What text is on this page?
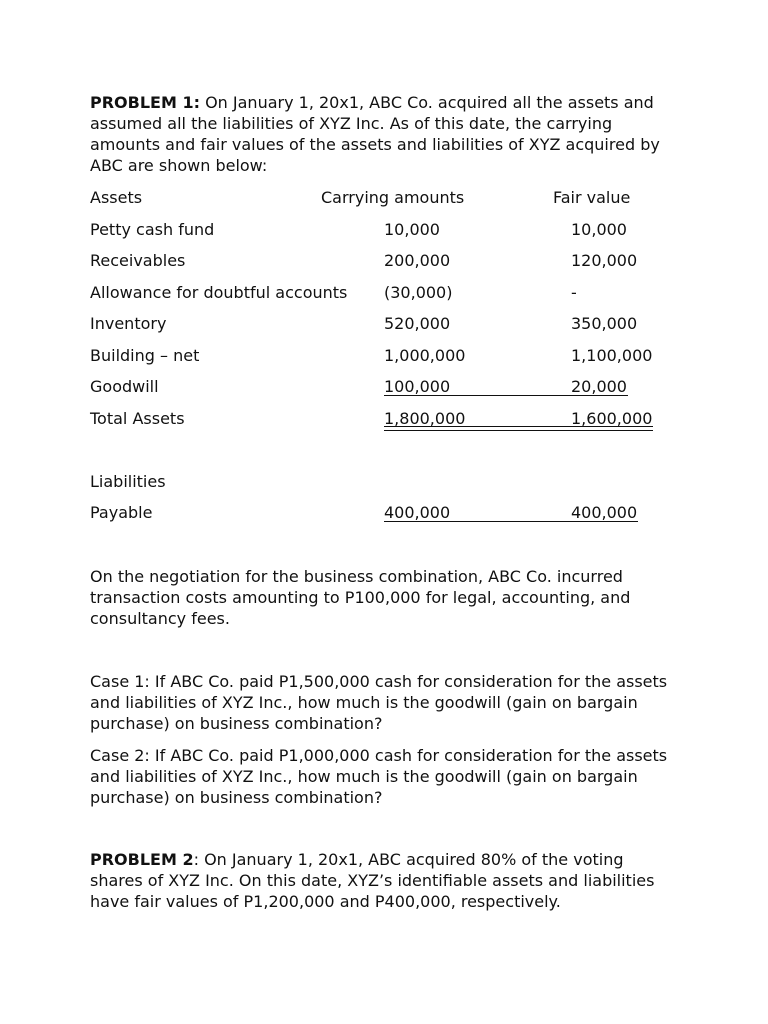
PROBLEM 1: On January 1, 20x1, ABC Co. acquired all the assets and assumed all the liabilities of XYZ Inc. As of this date, the carrying amounts and fair values of the assets and liabilities of XYZ acquired by ABC are shown below:

Assets	Carrying amounts	Fair value
Petty cash fund	10,000	10,000
Receivables	200,000	120,000
Allowance for doubtful accounts (30,000)	-
Inventory	520,000	350,000
Building – net	1,000,000	1,100,000
Goodwill	100,000	20,000
Total Assets	1,800,000	1,600,000
Liabilities
Payable	400,000	400,000

On the negotiation for the business combination, ABC Co. incurred transaction costs amounting to P100,000 for legal, accounting, and consultancy fees.

Case 1: If ABC Co. paid P1,500,000 cash for consideration for the assets and liabilities of XYZ Inc., how much is the goodwill (gain on bargain purchase) on business combination?

Case 2: If ABC Co. paid P1,000,000 cash for consideration for the assets and liabilities of XYZ Inc., how much is the goodwill (gain on bargain purchase) on business combination?

PROBLEM 2: On January 1, 20x1, ABC acquired 80% of the voting shares of XYZ Inc. On this date, XYZ’s identifiable assets and liabilities have fair values of P1,200,000 and P400,000, respectively.
